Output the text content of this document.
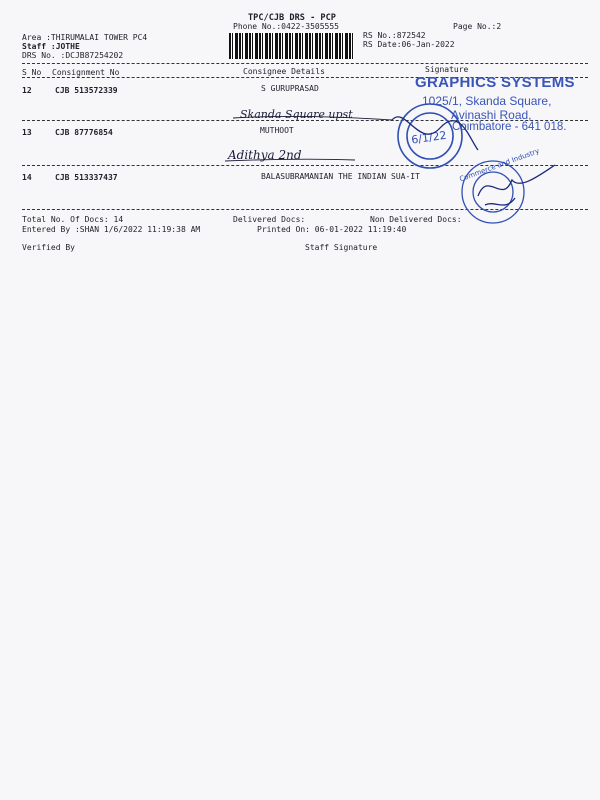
TPC/CJB DRS - PCP
Phone No.:0422-3505555	Page No.:2
Area :THIRUMALAI TOWER PC4
Staff :JOTHE
DRS No. :DCJB87254202
RS No.:872542
RS Date:06-Jan-2022
S No Consignment No	Consignee Details	Signature
12	CJB 513572339	S GURUPRASAD
Skanda Square upst
13	CJB 87776854	MUTHOOT
Adithya 2nd
14	CJB 513337437	BALASUBRAMANIAN THE INDIAN SUA-IT
Total No. Of Docs: 14	Delivered Docs:	Non Delivered Docs:
Entered By :SHAN 1/6/2022 11:19:38 AM	Printed On: 06-01-2022 11:19:40
Verified By	Staff Signature
GRAPHICS SYSTEMS
1025/1, Skanda Square,
Avinashi Road,
Coimbatore - 641 018.
6/1/22
Commerce and Industry
